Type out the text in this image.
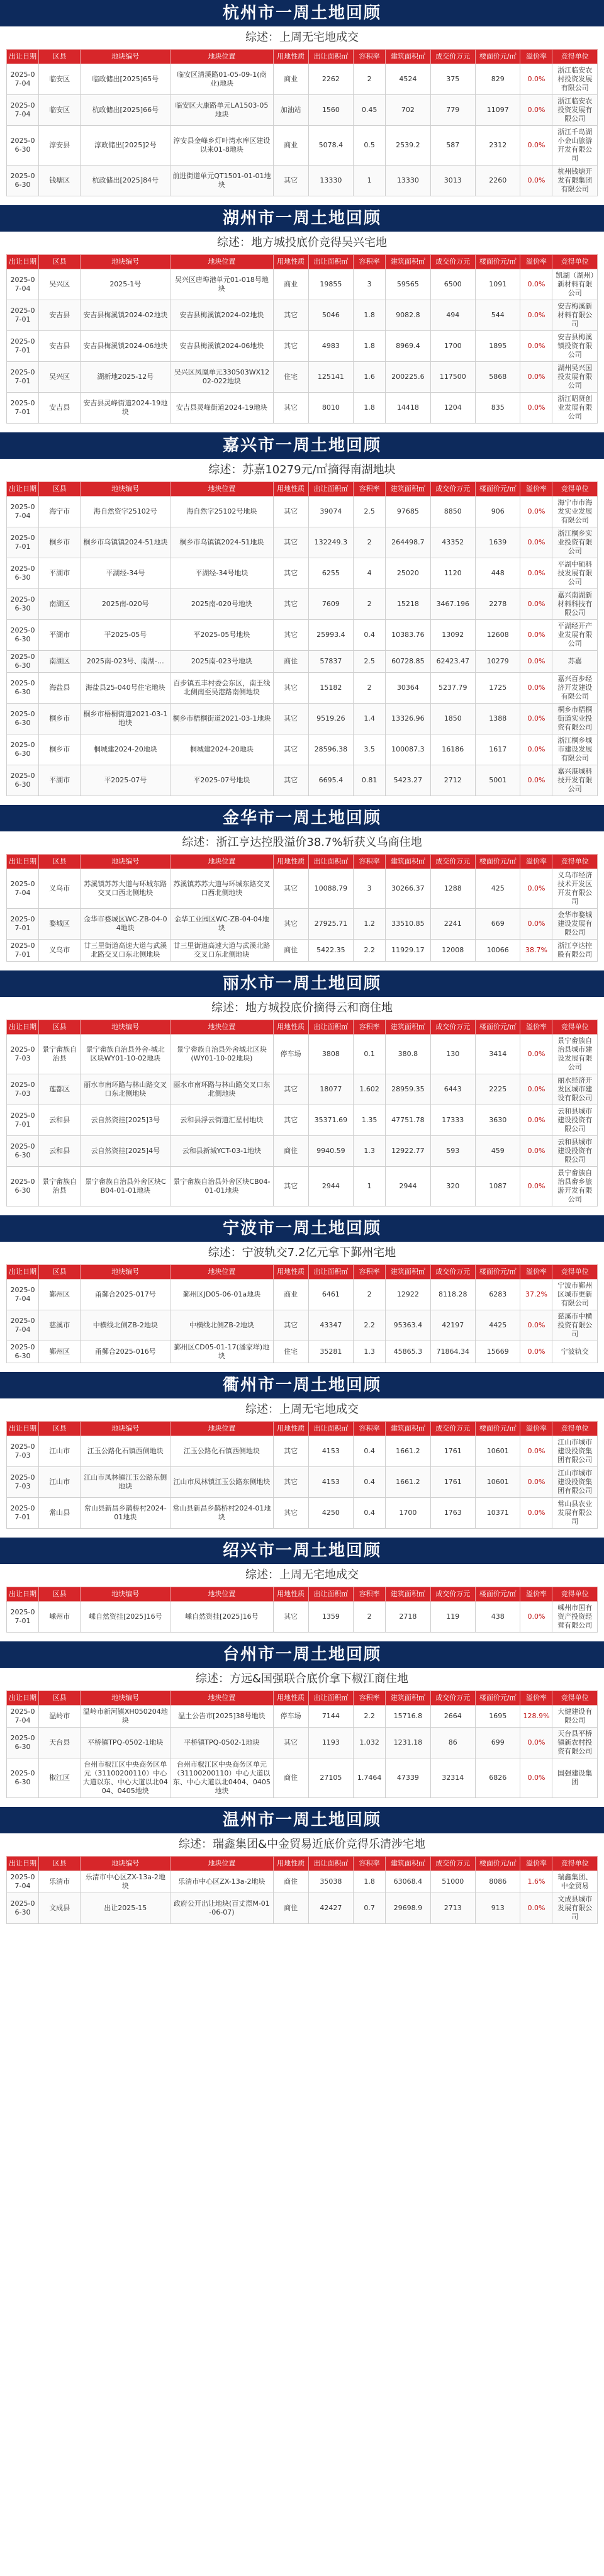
杭州市一周土地回顾
综述：上周无宅地成交
出让日期	区县	地块编号	地块位置	用地性质	出让面积㎡	容积率	建筑面积㎡	成交价万元	楼面价元/㎡	溢价率	竞得单位
2025-07-04	临安区	临政储出[2025]65号	临安区清溪路01-05-09-1(商业)地块	商业	2262	2	4524	375	829	0.0%	浙江临安农村投资发展有限公司
2025-07-04	临安区	杭政储出[2025]66号	临安区大康路单元LA1503-05地块	加油站	1560	0.45	702	779	11097	0.0%	浙江临安农投资发展有限公司
2025-06-30	淳安县	淳政储出[2025]2号	淳安县金峰乡灯叶湾水库区建设以来01-8地块	商业	5078.4	0.5	2539.2	587	2312	0.0%	浙江千岛湖小金山旅游开发有限公司
2025-06-30	钱塘区	杭政储出[2025]84号	前进街道单元QT1501-01-01地块	其它	13330	1	13330	3013	2260	0.0%	杭州钱塘开发有限集团有限公司
湖州市一周土地回顾
综述：地方城投底价竞得吴兴宅地
出让日期	区县	地块编号	地块位置	用地性质	出让面积㎡	容积率	建筑面积㎡	成交价万元	楼面价元/㎡	溢价率	竞得单位
2025-07-04	吴兴区	2025-1号	吴兴区唐埠港单元01-018号地块	商业	19855	3	59565	6500	1091	0.0%	凯湖（湖州）新材料有限公司
2025-07-01	安吉县	安吉县梅溪镇2024-02地块	安吉县梅溪镇2024-02地块	其它	5046	1.8	9082.8	494	544	0.0%	安吉梅溪新材料有限公司
2025-07-01	安吉县	安吉县梅溪镇2024-06地块	安吉县梅溪镇2024-06地块	其它	4983	1.8	8969.4	1700	1895	0.0%	安吉县梅溪镇投资有限公司
2025-07-01	吴兴区	湖新地2025-12号	吴兴区凤凰单元330503WX1202-022地块	住宅	125141	1.6	200225.6	117500	5868	0.0%	湖州吴兴国投发展有限公司
2025-07-01	安吉县	安吉县灵峰街道2024-19地块	安吉县灵峰街道2024-19地块	其它	8010	1.8	14418	1204	835	0.0%	浙江昭贤创业发展有限公司
嘉兴市一周土地回顾
综述：苏嘉10279元/㎡摘得南湖地块
出让日期	区县	地块编号	地块位置	用地性质	出让面积㎡	容积率	建筑面积㎡	成交价万元	楼面价元/㎡	溢价率	竞得单位
2025-07-04	海宁市	海自然资字25102号	海自然字25102号地块	其它	39074	2.5	97685	8850	906	0.0%	海宁市市海发实业发展有限公司
2025-07-01	桐乡市	桐乡市乌镇镇2024-51地块	桐乡市乌镇镇2024-51地块	其它	132249.3	2	264498.7	43352	1639	0.0%	浙江桐乡实业投资有限公司
2025-06-30	平湖市	平湖经-34号	平湖经-34号地块	其它	6255	4	25020	1120	448	0.0%	平湖中硕科技发展有限公司
2025-06-30	南湖区	2025南-020号	2025南-020号地块	其它	7609	2	15218	3467.196	2278	0.0%	嘉兴南湖新材料科技有限公司
2025-06-30	平湖市	平2025-05号	平2025-05号地块	其它	25993.4	0.4	10383.76	13092	12608	0.0%	平湖经开产业发展有限公司
2025-06-30	南湖区	2025南-023号、南湖-…	2025南-023号地块	商住	57837	2.5	60728.85	62423.47	10279	0.0%	苏嘉
2025-06-30	海盐县	海盐县25-040号住宅地块	百步镇五丰村委会东区，南王线北侧南至吴港路南侧地块	其它	15182	2	30364	5237.79	1725	0.0%	嘉兴百步经济开发建设有限公司
2025-06-30	桐乡市	桐乡市梧桐街道2021-03-1地块	桐乡市梧桐街道2021-03-1地块	其它	9519.26	1.4	13326.96	1850	1388	0.0%	桐乡市梧桐街道实业投资有限公司
2025-06-30	桐乡市	桐城建2024-20地块	桐城建2024-20地块	其它	28596.38	3.5	100087.3	16186	1617	0.0%	浙江桐乡城市建设发展有限公司
2025-06-30	平湖市	平2025-07号	平2025-07号地块	其它	6695.4	0.81	5423.27	2712	5001	0.0%	嘉兴港城科技开发有限公司
金华市一周土地回顾
综述：浙江亨达控股溢价38.7%斩获义乌商住地
出让日期	区县	地块编号	地块位置	用地性质	出让面积㎡	容积率	建筑面积㎡	成交价万元	楼面价元/㎡	溢价率	竞得单位
2025-07-04	义乌市	苏溪镇苏苏大道与环城东路交叉口西北侧地块	苏溪镇苏苏大道与环城东路交叉口西北侧地块	其它	10088.79	3	30266.37	1288	425	0.0%	义乌市经济技术开发区开发有限公司
2025-07-01	婺城区	金华市婺城区WC-ZB-04-04地块	金华工业园区WC-ZB-04-04地块	其它	27925.71	1.2	33510.85	2241	669	0.0%	金华市婺城建设发展有限公司
2025-07-01	义乌市	廿三里街道高速大道与武溪北路交叉口东北侧地块	廿三里街道高速大道与武溪北路交叉口东北侧地块	商住	5422.35	2.2	11929.17	12008	10066	38.7%	浙江亨达控股有限公司
丽水市一周土地回顾
综述：地方城投底价摘得云和商住地
出让日期	区县	地块编号	地块位置	用地性质	出让面积㎡	容积率	建筑面积㎡	成交价万元	楼面价元/㎡	溢价率	竞得单位
2025-07-03	景宁畲族自治县	景宁畲族自治县外舍-城北区块WY01-10-02地块	景宁畲族自治县外舍城北区块(WY01-10-02地块)	停车场	3808	0.1	380.8	130	3414	0.0%	景宁畲族自治县城市建设发展有限公司
2025-07-03	莲都区	丽水市南环路与林山路交叉口东北侧地块	丽水市南环路与林山路交叉口东北侧地块	其它	18077	1.602	28959.35	6443	2225	0.0%	丽水经济开发区城市建设有限公司
2025-07-01	云和县	云自然资挂[2025]3号	云和县浮云街道汇星村地块	其它	35371.69	1.35	47751.78	17333	3630	0.0%	云和县城市建设投资有限公司
2025-06-30	云和县	云自然资挂[2025]4号	云和县新城YCT-03-1地块	商住	9940.59	1.3	12922.77	593	459	0.0%	云和县城市建设投资有限公司
2025-06-30	景宁畲族自治县	景宁畲族自治县外舍区块CB04-01-01地块	景宁畲族自治县外舍区块CB04-01-01地块	其它	2944	1	2944	320	1087	0.0%	景宁畲族自治县畲乡旅游开发有限公司
宁波市一周土地回顾
综述：宁波轨交7.2亿元拿下鄞州宅地
出让日期	区县	地块编号	地块位置	用地性质	出让面积㎡	容积率	建筑面积㎡	成交价万元	楼面价元/㎡	溢价率	竞得单位
2025-07-04	鄞州区	甬鄞合2025-017号	鄞州区JD05-06-01a地块	商业	6461	2	12922	8118.28	6283	37.2%	宁波市鄞州区城市更新有限公司
2025-07-04	慈溪市	中横线北侧ZB-2地块	中横线北侧ZB-2地块	其它	43347	2.2	95363.4	42197	4425	0.0%	慈溪市中横投资有限公司
2025-06-30	鄞州区	甬鄞合2025-016号	鄞州区CD05-01-17(潘家垟)地块	住宅	35281	1.3	45865.3	71864.34	15669	0.0%	宁波轨交
衢州市一周土地回顾
综述：上周无宅地成交
出让日期	区县	地块编号	地块位置	用地性质	出让面积㎡	容积率	建筑面积㎡	成交价万元	楼面价元/㎡	溢价率	竞得单位
2025-07-03	江山市	江玉公路化石镇西侧地块	江玉公路化石镇西侧地块	其它	4153	0.4	1661.2	1761	10601	0.0%	江山市城市建设投资集团有限公司
2025-07-03	江山市	江山市凤林镇江玉公路东侧地块	江山市凤林镇江玉公路东侧地块	其它	4153	0.4	1661.2	1761	10601	0.0%	江山市城市建设投资集团有限公司
2025-07-01	常山县	常山县新昌乡鹊桥村2024-01地块	常山县新昌乡鹊桥村2024-01地块	其它	4250	0.4	1700	1763	10371	0.0%	常山县农业发展有限公司
绍兴市一周土地回顾
综述：上周无宅地成交
出让日期	区县	地块编号	地块位置	用地性质	出让面积㎡	容积率	建筑面积㎡	成交价万元	楼面价元/㎡	溢价率	竞得单位
2025-07-01	嵊州市	嵊自然资挂[2025]16号	嵊自然资挂[2025]16号	其它	1359	2	2718	119	438	0.0%	嵊州市国有资产投资经营有限公司
台州市一周土地回顾
综述：方远&国强联合底价拿下椒江商住地
出让日期	区县	地块编号	地块位置	用地性质	出让面积㎡	容积率	建筑面积㎡	成交价万元	楼面价元/㎡	溢价率	竞得单位
2025-07-04	温岭市	温岭市新河镇XH050204地块	温土公告市[2025]38号地块	停车场	7144	2.2	15716.8	2664	1695	128.9%	大健建设有限公司
2025-06-30	天台县	平桥镇TPQ-0502-1地块	平桥镇TPQ-0502-1地块	其它	1193	1.032	1231.18	86	699	0.0%	天台县平桥镇新农村投资有限公司
2025-06-30	椒江区	台州市椒江区中央商务区单元（31100200110）中心大道以东、中心大道以北0404、0405地块	台州市椒江区中央商务区单元（31100200110）中心大道以东、中心大道以北0404、0405地块	商住	27105	1.7464	47339	32314	6826	0.0%	国强建设集团
温州市一周土地回顾
综述：瑞鑫集团&中金贸易近底价竞得乐清涉宅地
出让日期	区县	地块编号	地块位置	用地性质	出让面积㎡	容积率	建筑面积㎡	成交价万元	楼面价元/㎡	溢价率	竞得单位
2025-07-04	乐清市	乐清市中心区ZX-13a-2地块	乐清市中心区ZX-13a-2地块	商住	35038	1.8	63068.4	51000	8086	1.6%	瑞鑫集团、中金贸易
2025-06-30	文成县	出让2025-15	政府公开出让地块(百丈漈M-01-06-07)	商住	42427	0.7	29698.9	2713	913	0.0%	文成县城市发展有限公司
